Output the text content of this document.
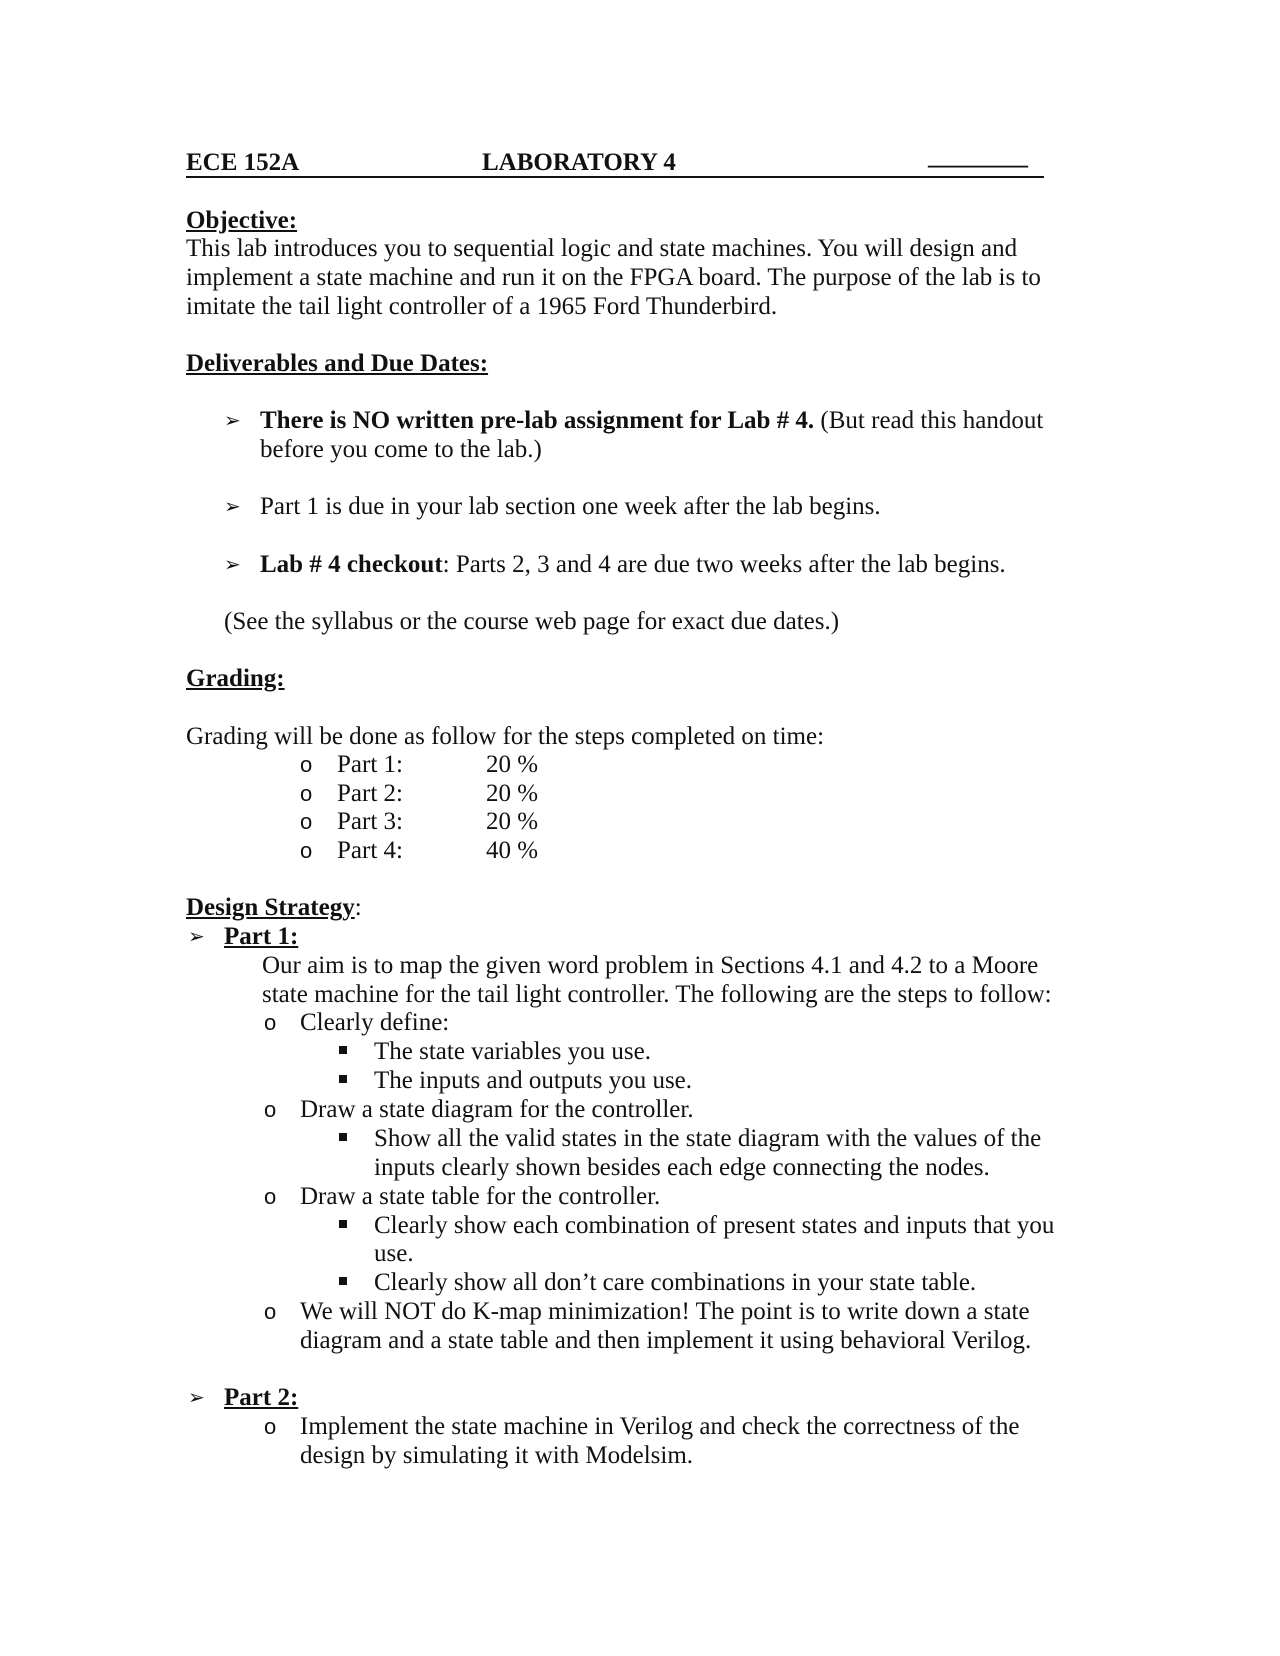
ECE 152A	LABORATORY 4	________
Objective:
This lab introduces you to sequential logic and state machines. You will design and
implement a state machine and run it on the FPGA board. The purpose of the lab is to
imitate the tail light controller of a 1965 Ford Thunderbird.
Deliverables and Due Dates:
➢ There is NO written pre-lab assignment for Lab # 4. (But read this handout
before you come to the lab.)
➢ Part 1 is due in your lab section one week after the lab begins.
➢ Lab # 4 checkout: Parts 2, 3 and 4 are due two weeks after the lab begins.
(See the syllabus or the course web page for exact due dates.)
Grading:
Grading will be done as follow for the steps completed on time:
o Part 1:	20 %
o Part 2:	20 %
o Part 3:	20 %
o Part 4:	40 %
Design Strategy:
➢ Part 1:
Our aim is to map the given word problem in Sections 4.1 and 4.2 to a Moore
state machine for the tail light controller. The following are the steps to follow:
o Clearly define:
The state variables you use.
The inputs and outputs you use.
o Draw a state diagram for the controller.
Show all the valid states in the state diagram with the values of the
inputs clearly shown besides each edge connecting the nodes.
o Draw a state table for the controller.
Clearly show each combination of present states and inputs that you
use.
Clearly show all don’t care combinations in your state table.
o We will NOT do K-map minimization! The point is to write down a state
diagram and a state table and then implement it using behavioral Verilog.
➢ Part 2:
o Implement the state machine in Verilog and check the correctness of the
design by simulating it with Modelsim.
